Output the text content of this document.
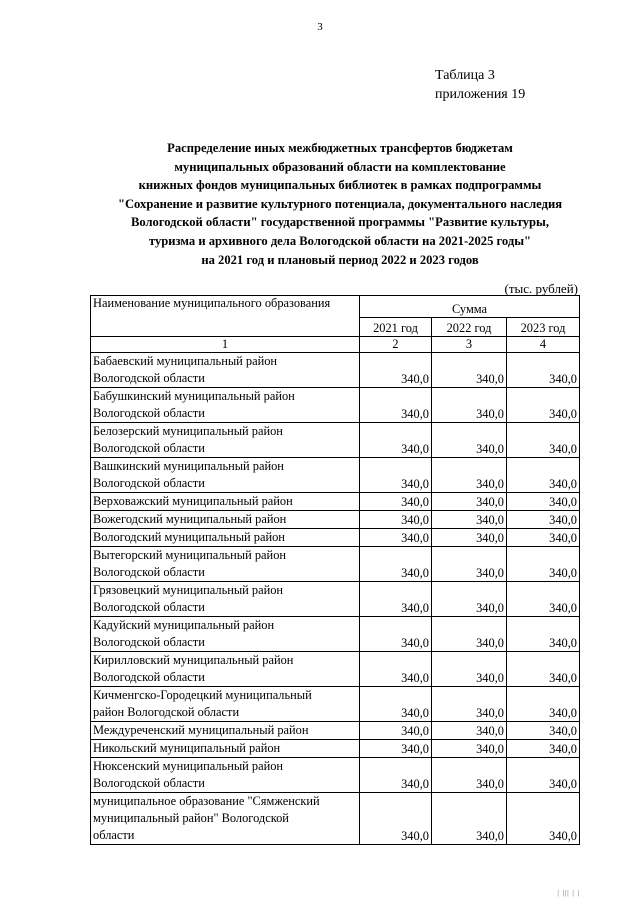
3
Таблица 3
приложения 19
Распределение иных межбюджетных трансфертов бюджетам
муниципальных образований области на комплектование
книжных фондов муниципальных библиотек в рамках подпрограммы
"Сохранение и развитие культурного потенциала, документального наследия
Вологодской области" государственной программы "Развитие культуры,
туризма и архивного дела Вологодской области на 2021-2025 годы"
на 2021 год и плановый период 2022 и 2023 годов
(тыс. рублей)
Наименование муниципального образования	Сумма		
	2021 год	2022 год	2023 год
1	2	3	4

Бабаевский муниципальный район
Вологодской области	340,0	340,0	340,0

Бабушкинский муниципальный район
Вологодской области	340,0	340,0	340,0

Белозерский муниципальный район
Вологодской области	340,0	340,0	340,0

Вашкинский муниципальный район
Вологодской области	340,0	340,0	340,0

Верховажский муниципальный район	340,0	340,0	340,0

Вожегодский муниципальный район	340,0	340,0	340,0

Вологодский муниципальный район	340,0	340,0	340,0

Вытегорский муниципальный район
Вологодской области	340,0	340,0	340,0

Грязовецкий муниципальный район
Вологодской области	340,0	340,0	340,0

Кадуйский муниципальный район
Вологодской области	340,0	340,0	340,0

Кирилловский муниципальный район
Вологодской области	340,0	340,0	340,0

Кичменгско-Городецкий муниципальный
район Вологодской области	340,0	340,0	340,0

Междуреченский муниципальный район	340,0	340,0	340,0

Никольский муниципальный район	340,0	340,0	340,0

Нюксенский муниципальный район
Вологодской области	340,0	340,0	340,0

муниципальное образование "Сямженский
муниципальный район" Вологодской
области	340,0	340,0	340,0
| ||| | |
